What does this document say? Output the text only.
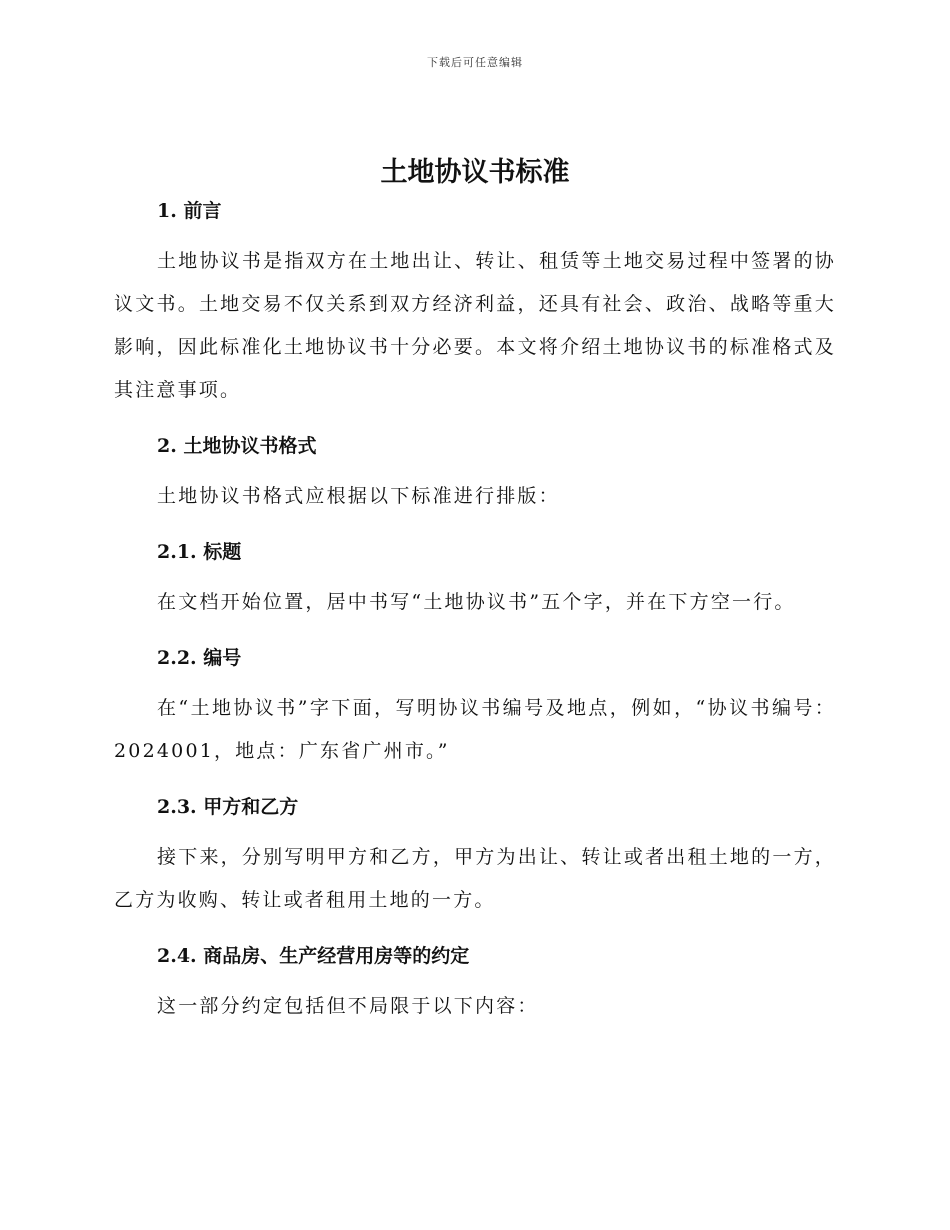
下载后可任意编辑
土地协议书标准
1. 前言

土地协议书是指双方在土地出让、转让、租赁等土地交易过程中签署的协议文书。土地交易不仅关系到双方经济利益，还具有社会、政治、战略等重大影响，因此标准化土地协议书十分必要。本文将介绍土地协议书的标准格式及其注意事项。

2. 土地协议书格式

土地协议书格式应根据以下标准进行排版：

2.1. 标题

在文档开始位置，居中书写“土地协议书”五个字，并在下方空一行。

2.2. 编号

在“土地协议书”字下面，写明协议书编号及地点，例如，“协议书编号：2024001，地点：广东省广州市。”

2.3. 甲方和乙方

接下来，分别写明甲方和乙方，甲方为出让、转让或者出租土地的一方，乙方为收购、转让或者租用土地的一方。

2.4. 商品房、生产经营用房等的约定

这一部分约定包括但不局限于以下内容：
